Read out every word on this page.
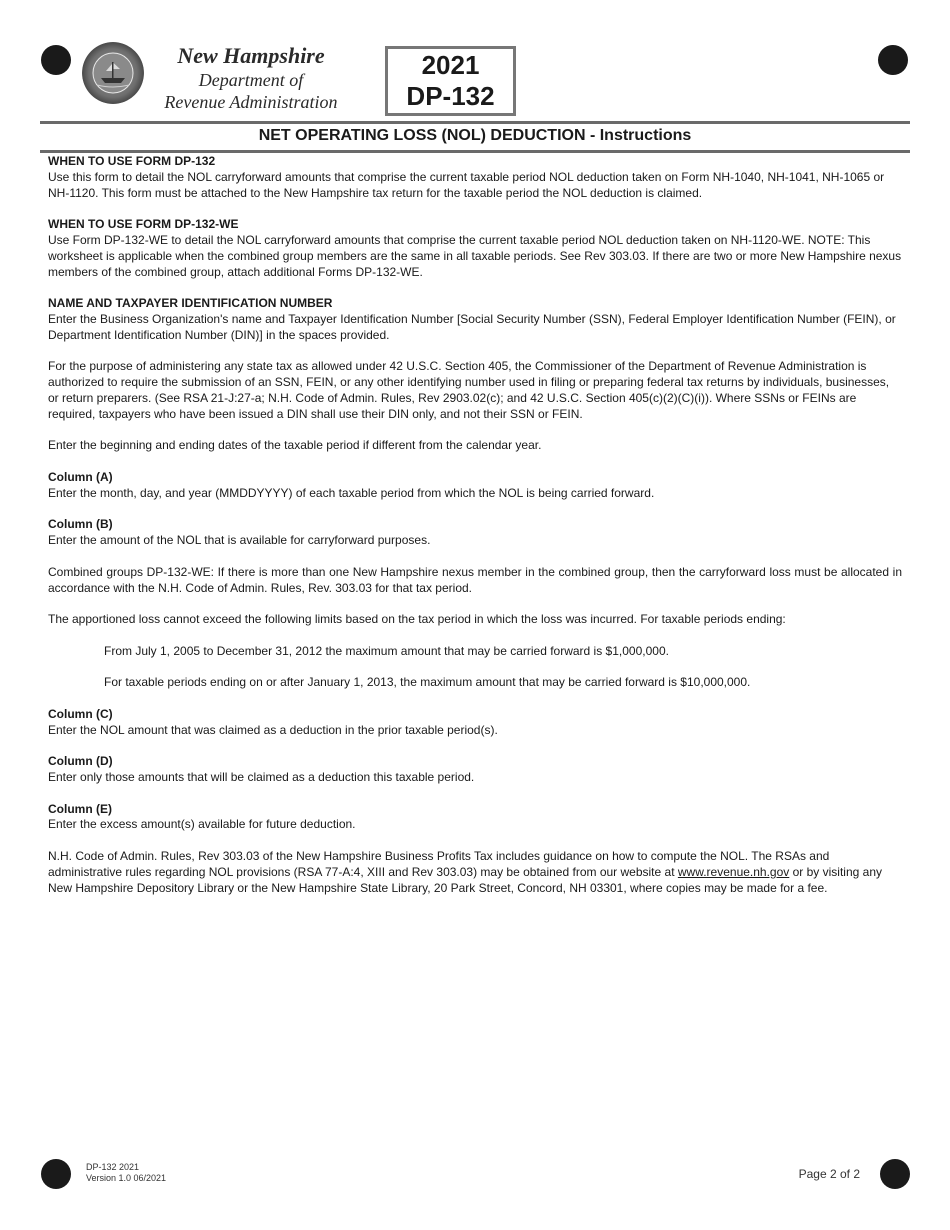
New Hampshire
Department of
Revenue Administration
2021
DP-132
NET OPERATING LOSS (NOL) DEDUCTION - Instructions

WHEN TO USE FORM DP-132

Use this form to detail the NOL carryforward amounts that comprise the current taxable period NOL deduction taken on Form NH-1040, NH-1041, NH-1065 or NH-1120. This form must be attached to the New Hampshire tax return for the taxable period the NOL deduction is claimed.

WHEN TO USE FORM DP-132-WE

Use Form DP-132-WE to detail the NOL carryforward amounts that comprise the current taxable period NOL deduction taken on NH-1120-WE. NOTE: This worksheet is applicable when the combined group members are the same in all taxable periods. See Rev 303.03. If there are two or more New Hampshire nexus members of the combined group, attach additional Forms DP-132-WE.

NAME AND TAXPAYER IDENTIFICATION NUMBER

Enter the Business Organization's name and Taxpayer Identification Number [Social Security Number (SSN), Federal Employer Identification Number (FEIN), or Department Identification Number (DIN)] in the spaces provided.

For the purpose of administering any state tax as allowed under 42 U.S.C. Section 405, the Commissioner of the Department of Revenue Administration is authorized to require the submission of an SSN, FEIN, or any other identifying number used in filing or preparing federal tax returns by individuals, businesses, or return preparers. (See RSA 21-J:27-a; N.H. Code of Admin. Rules, Rev 2903.02(c); and 42 U.S.C. Section 405(c)(2)(C)(i)). Where SSNs or FEINs are required, taxpayers who have been issued a DIN shall use their DIN only, and not their SSN or FEIN.

Enter the beginning and ending dates of the taxable period if different from the calendar year.

Column (A)

Enter the month, day, and year (MMDDYYYY) of each taxable period from which the NOL is being carried forward.

Column (B)

Enter the amount of the NOL that is available for carryforward purposes.

Combined groups DP-132-WE: If there is more than one New Hampshire nexus member in the combined group, then the carryforward loss must be allocated in accordance with the N.H. Code of Admin. Rules, Rev. 303.03 for that tax period.

The apportioned loss cannot exceed the following limits based on the tax period in which the loss was incurred. For taxable periods ending:

From July 1, 2005 to December 31, 2012 the maximum amount that may be carried forward is $1,000,000.

For taxable periods ending on or after January 1, 2013, the maximum amount that may be carried forward is $10,000,000.

Column (C)

Enter the NOL amount that was claimed as a deduction in the prior taxable period(s).

Column (D)

Enter only those amounts that will be claimed as a deduction this taxable period.

Column (E)

Enter the excess amount(s) available for future deduction.

N.H. Code of Admin. Rules, Rev 303.03 of the New Hampshire Business Profits Tax includes guidance on how to compute the NOL. The RSAs and administrative rules regarding NOL provisions (RSA 77-A:4, XIII and Rev 303.03) may be obtained from our website at www.revenue.nh.gov or by visiting any New Hampshire Depository Library or the New Hampshire State Library, 20 Park Street, Concord, NH 03301, where copies may be made for a fee.

DP-132 2021
Version 1.0 06/2021	Page 2 of 2
